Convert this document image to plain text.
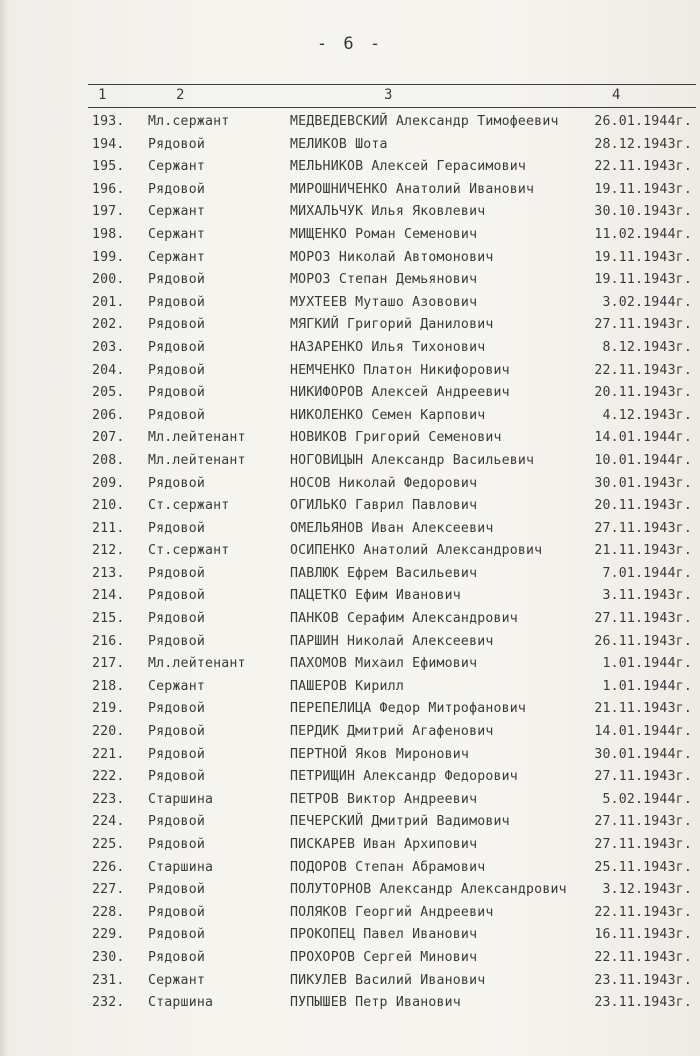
- 6 -
1	2	3	4
193. Мл.сержант	МЕДВЕДЕВСКИЙ Александр Тимофеевич	26.01.1944г.
194. Рядовой	МЕЛИКОВ Шота	28.12.1943г.
195. Сержант	МЕЛЬНИКОВ Алексей Герасимович	22.11.1943г.
196. Рядовой	МИРОШНИЧЕНКО Анатолий Иванович	19.11.1943г.
197. Сержант	МИХАЛЬЧУК Илья Яковлевич	30.10.1943г.
198. Сержант	МИЩЕНКО Роман Семенович	11.02.1944г.
199. Сержант	МОРОЗ Николай Автомонович	19.11.1943г.
200. Рядовой	МОРОЗ Степан Демьянович	19.11.1943г.
201. Рядовой	МУХТЕЕВ Муташо Азовович	3.02.1944г.
202. Рядовой	МЯГКИЙ Григорий Данилович	27.11.1943г.
203. Рядовой	НАЗАРЕНКО Илья Тихонович	8.12.1943г.
204. Рядовой	НЕМЧЕНКО Платон Никифорович	22.11.1943г.
205. Рядовой	НИКИФОРОВ Алексей Андреевич	20.11.1943г.
206. Рядовой	НИКОЛЕНКО Семен Карпович	4.12.1943г.
207. Мл.лейтенант	НОВИКОВ Григорий Семенович	14.01.1944г.
208. Мл.лейтенант	НОГОВИЦЫН Александр Васильевич	10.01.1944г.
209. Рядовой	НОСОВ Николай Федорович	30.01.1943г.
210. Ст.сержант	ОГИЛЬКО Гаврил Павлович	20.11.1943г.
211. Рядовой	ОМЕЛЬЯНОВ Иван Алексеевич	27.11.1943г.
212. Ст.сержант	ОСИПЕНКО Анатолий Александрович	21.11.1943г.
213. Рядовой	ПАВЛЮК Ефрем Васильевич	7.01.1944г.
214. Рядовой	ПАЦЕТКО Ефим Иванович	3.11.1943г.
215. Рядовой	ПАНКОВ Серафим Александрович	27.11.1943г.
216. Рядовой	ПАРШИН Николай Алексеевич	26.11.1943г.
217. Мл.лейтенант	ПАХОМОВ Михаил Ефимович	1.01.1944г.
218. Сержант	ПАШЕРОВ Кирилл	1.01.1944г.
219. Рядовой	ПЕРЕПЕЛИЦА Федор Митрофанович	21.11.1943г.
220. Рядовой	ПЕРДИК Дмитрий Агафенович	14.01.1944г.
221. Рядовой	ПЕРТНОЙ Яков Миронович	30.01.1944г.
222. Рядовой	ПЕТРИЩИН Александр Федорович	27.11.1943г.
223. Старшина	ПЕТРОВ Виктор Андреевич	5.02.1944г.
224. Рядовой	ПЕЧЕРСКИЙ Дмитрий Вадимович	27.11.1943г.
225. Рядовой	ПИСКАРЕВ Иван Архипович	27.11.1943г.
226. Старшина	ПОДОРОВ Степан Абрамович	25.11.1943г.
227. Рядовой	ПОЛУТОРНОВ Александр Александрович	3.12.1943г.
228. Рядовой	ПОЛЯКОВ Георгий Андреевич	22.11.1943г.
229. Рядовой	ПРОКОПЕЦ Павел Иванович	16.11.1943г.
230. Рядовой	ПРОХОРОВ Сергей Минович	22.11.1943г.
231. Сержант	ПИКУЛЕВ Василий Иванович	23.11.1943г.
232. Старшина	ПУПЫШЕВ Петр Иванович	23.11.1943г.
